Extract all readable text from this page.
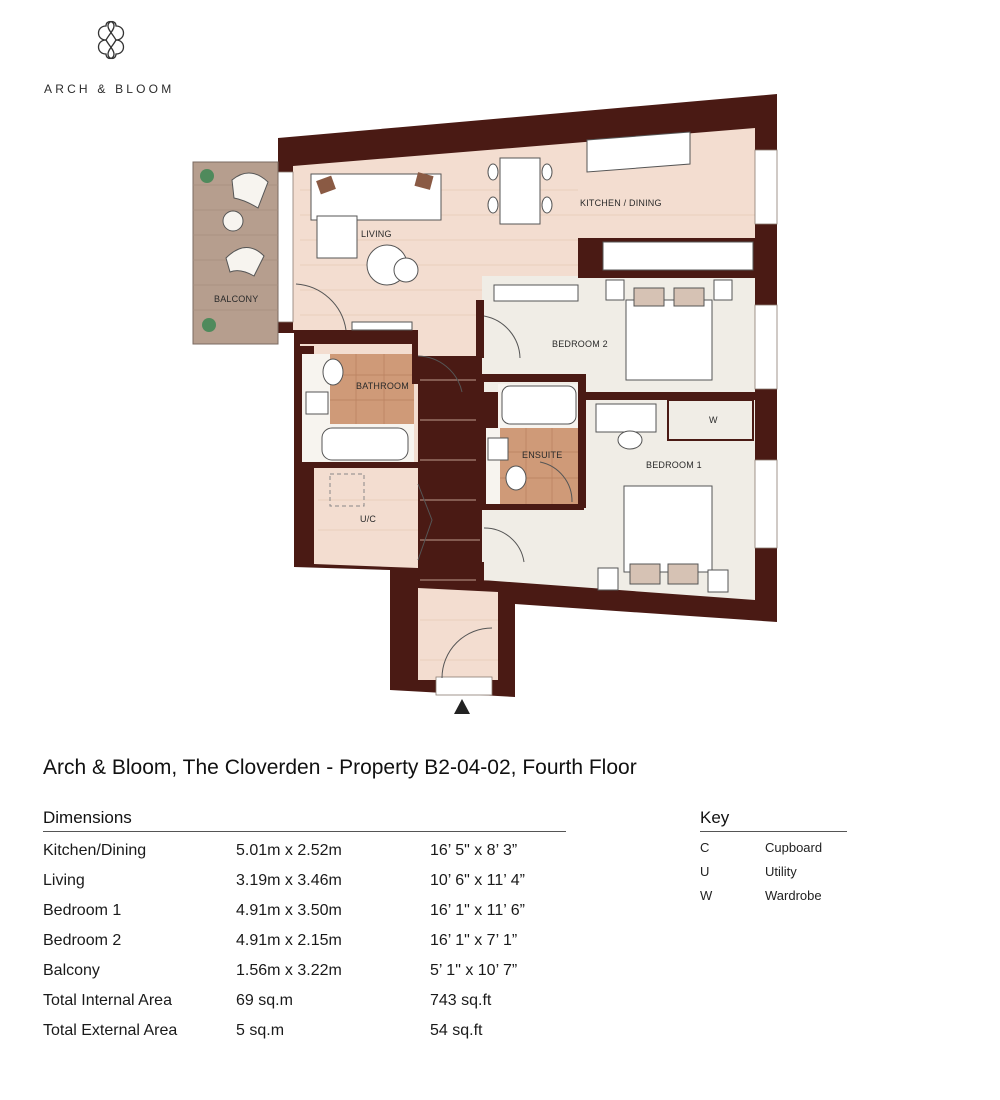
ARCH & BLOOM
LIVING
KITCHEN / DINING
BALCONY
BEDROOM 2
BATHROOM
ENSUITE
BEDROOM 1
U/C
W
Arch & Bloom, The Cloverden - Property B2-04-02, Fourth Floor
Dimensions
Kitchen/Dining	5.01m x 2.52m	16’ 5" x 8’ 3”
Living	3.19m x 3.46m	10’ 6" x 11’ 4”
Bedroom 1	4.91m x 3.50m	16’ 1" x 11’ 6”
Bedroom 2	4.91m x 2.15m	16’ 1" x 7’ 1”
Balcony	1.56m x 3.22m	5’ 1" x 10’ 7”
Total Internal Area	69 sq.m	743 sq.ft
Total External Area	5 sq.m	54 sq.ft
Key
C	Cupboard
U	Utility
W	Wardrobe
